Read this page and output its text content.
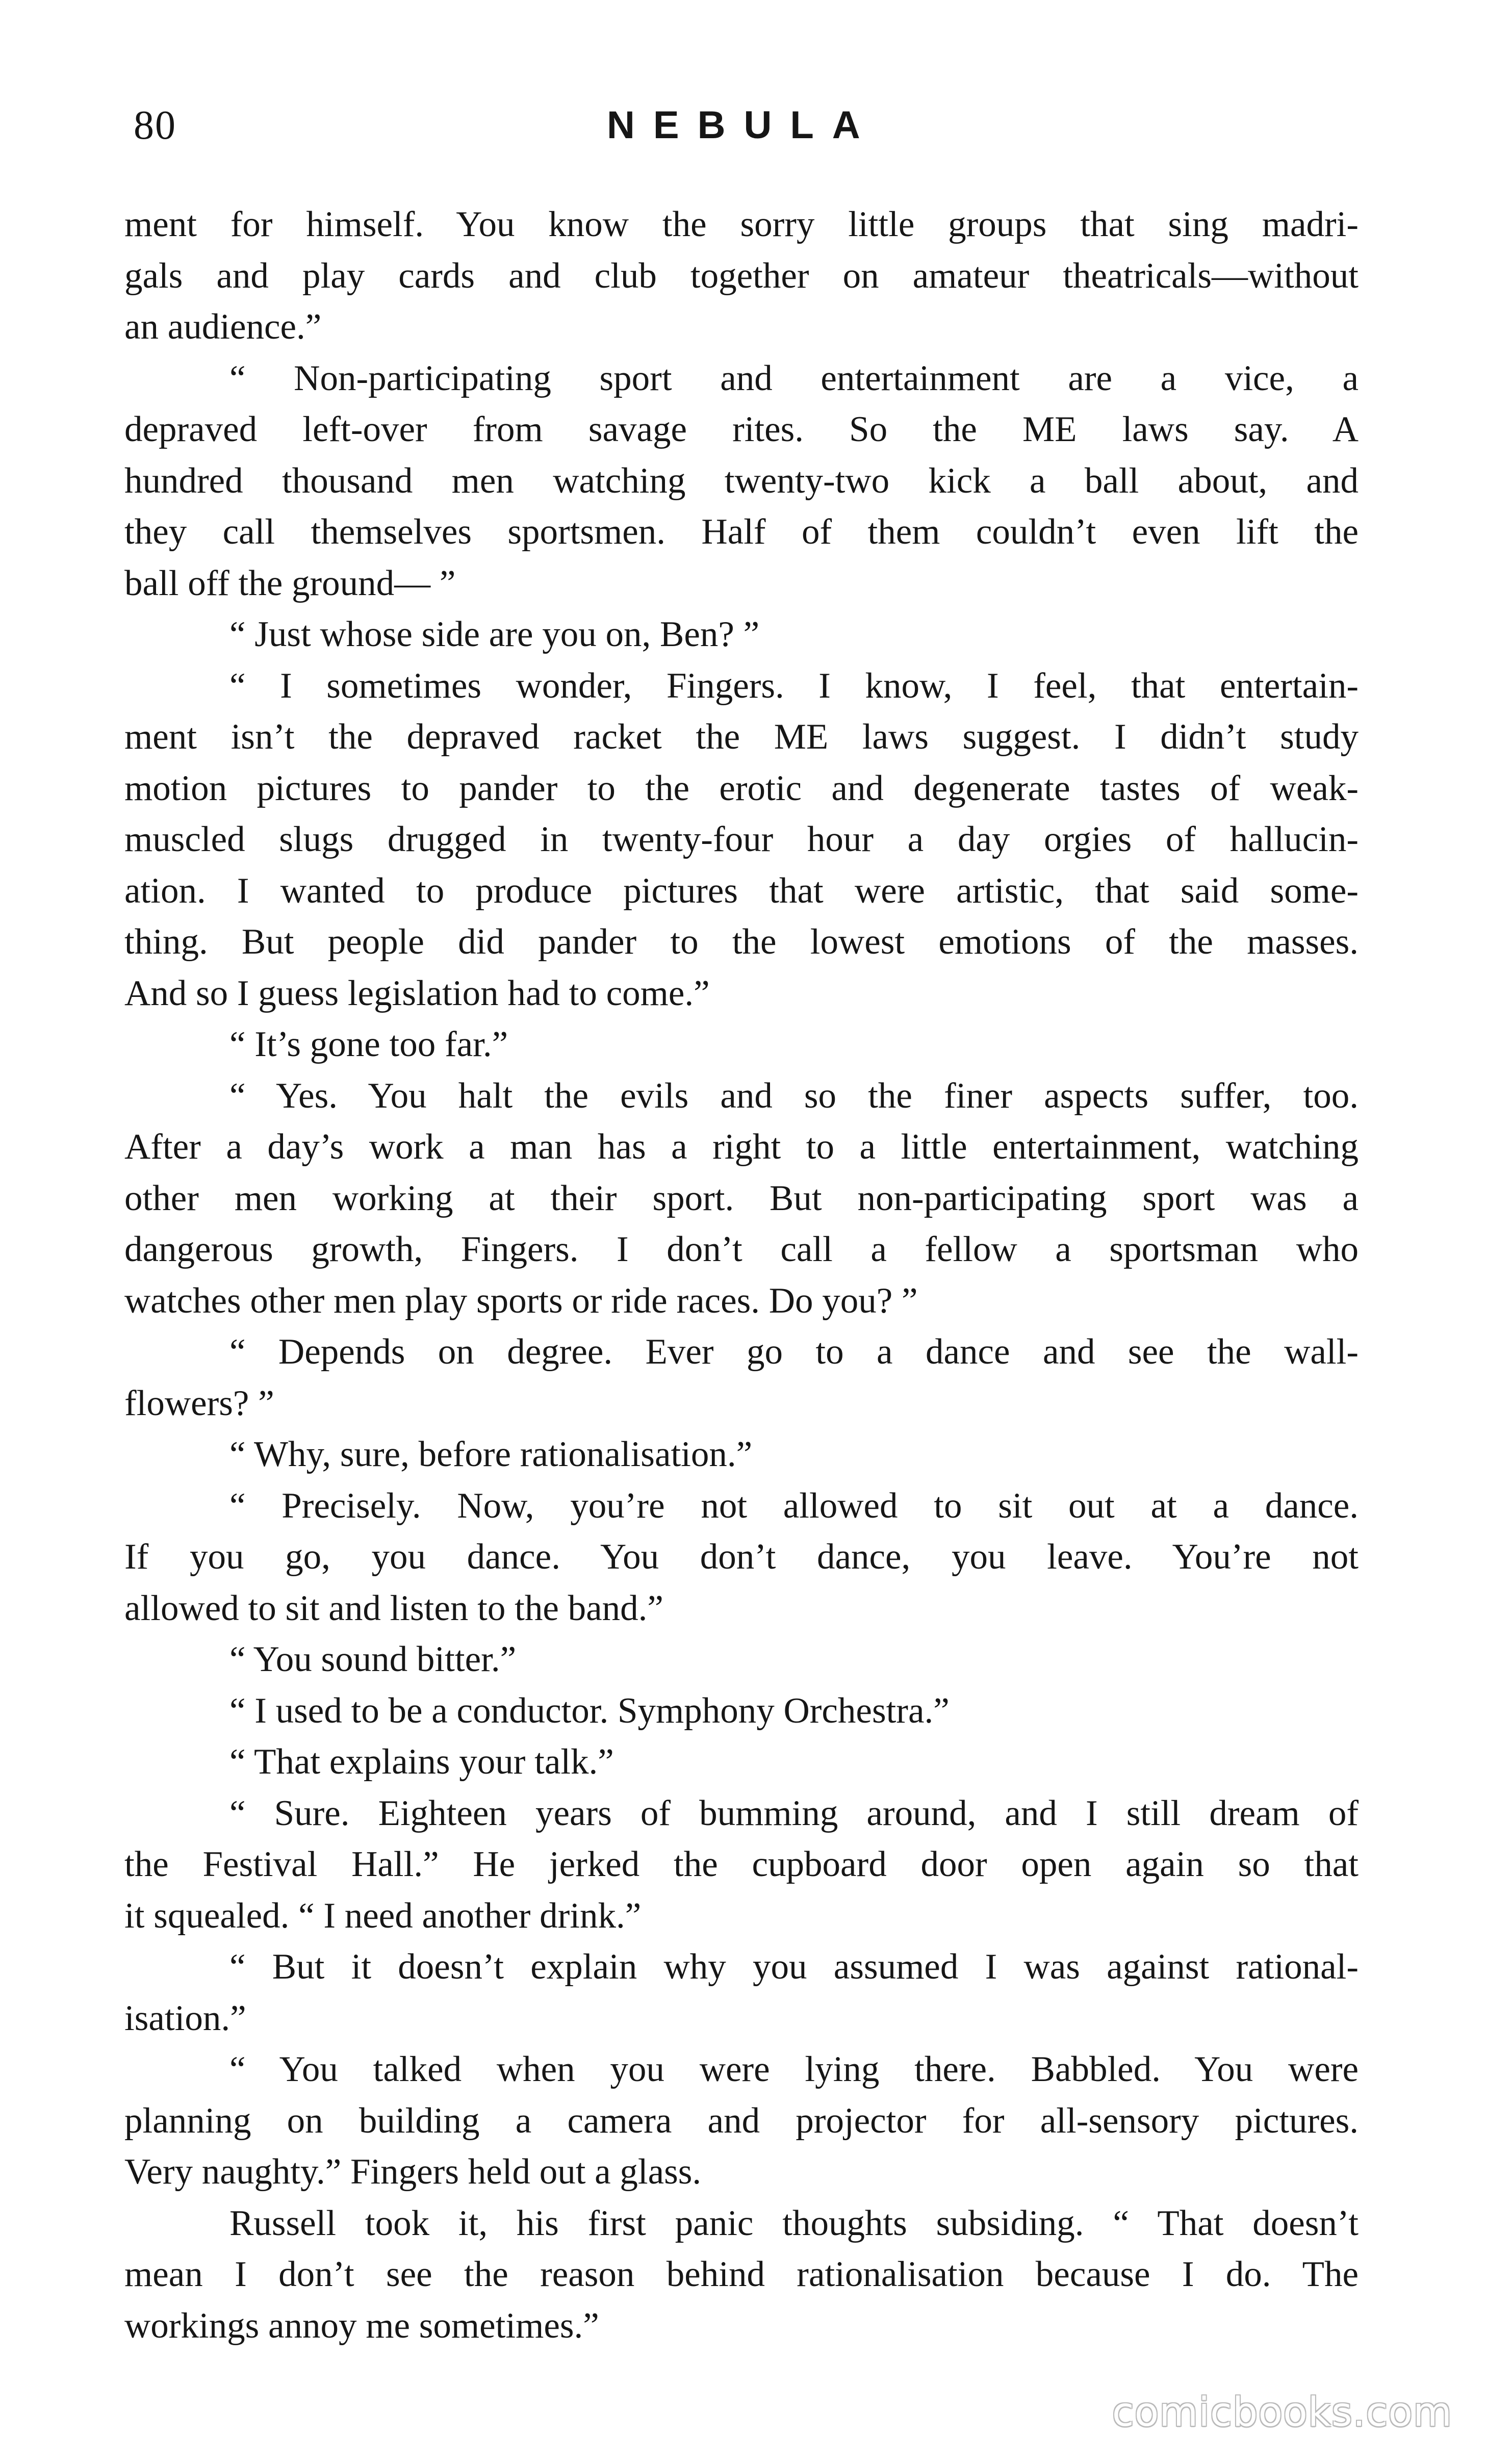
80	NEBULA
ment for himself. You know the sorry little groups that sing madri-
gals and play cards and club together on amateur theatricals—without
an audience.”
“ Non-participating sport and entertainment are a vice, a
depraved left-over from savage rites. So the ME laws say. A
hundred thousand men watching twenty-two kick a ball about, and
they call themselves sportsmen. Half of them couldn’t even lift the
ball off the ground— ”
“ Just whose side are you on, Ben? ”
“ I sometimes wonder, Fingers. I know, I feel, that entertain-
ment isn’t the depraved racket the ME laws suggest. I didn’t study
motion pictures to pander to the erotic and degenerate tastes of weak-
muscled slugs drugged in twenty-four hour a day orgies of hallucin-
ation. I wanted to produce pictures that were artistic, that said some-
thing. But people did pander to the lowest emotions of the masses.
And so I guess legislation had to come.”
“ It’s gone too far.”
“ Yes. You halt the evils and so the finer aspects suffer, too.
After a day’s work a man has a right to a little entertainment, watching
other men working at their sport. But non-participating sport was a
dangerous growth, Fingers. I don’t call a fellow a sportsman who
watches other men play sports or ride races. Do you? ”
“ Depends on degree. Ever go to a dance and see the wall-
flowers? ”
“ Why, sure, before rationalisation.”
“ Precisely. Now, you’re not allowed to sit out at a dance.
If you go, you dance. You don’t dance, you leave. You’re not
allowed to sit and listen to the band.”
“ You sound bitter.”
“ I used to be a conductor. Symphony Orchestra.”
“ That explains your talk.”
“ Sure. Eighteen years of bumming around, and I still dream of
the Festival Hall.” He jerked the cupboard door open again so that
it squealed. “ I need another drink.”
“ But it doesn’t explain why you assumed I was against rational-
isation.”
“ You talked when you were lying there. Babbled. You were
planning on building a camera and projector for all-sensory pictures.
Very naughty.” Fingers held out a glass.
Russell took it, his first panic thoughts subsiding. “ That doesn’t
mean I don’t see the reason behind rationalisation because I do. The
workings annoy me sometimes.”
comicbooks.com
